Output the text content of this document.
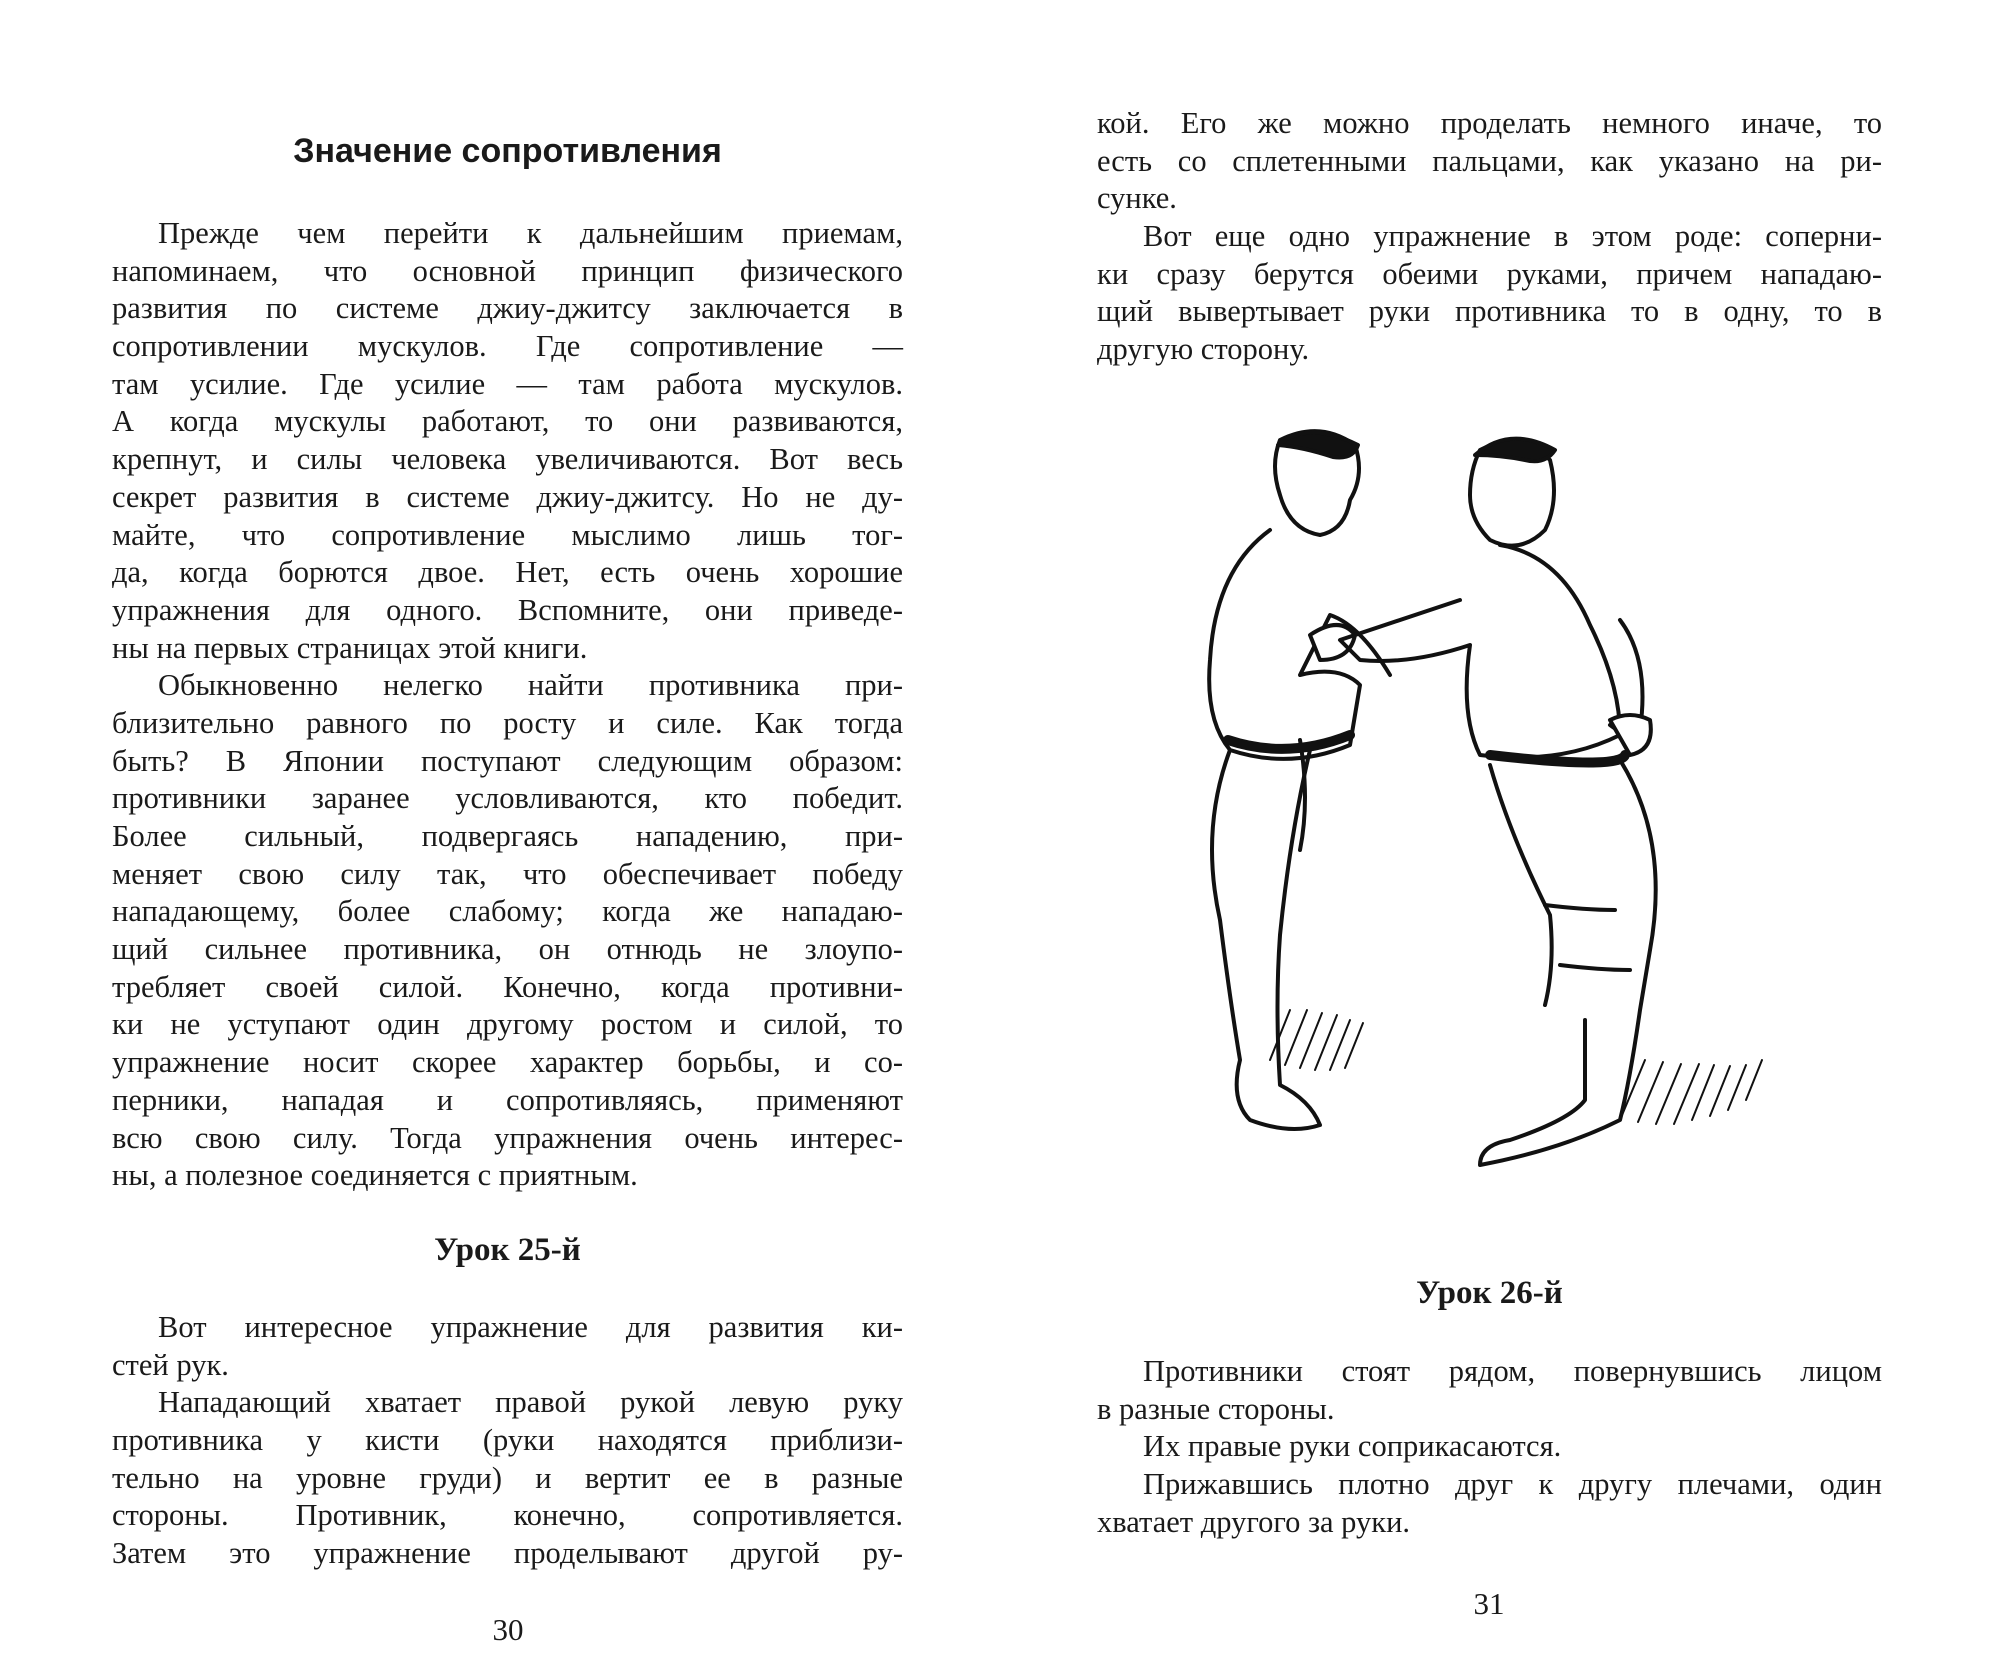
Значение сопротивления
Прежде чем перейти к дальнейшим приемам,
напоминаем, что основной принцип физического
развития по системе джиу-джитсу заключается в
сопротивлении мускулов. Где сопротивление —
там усилие. Где усилие — там работа мускулов.
А когда мускулы работают, то они развиваются,
крепнут, и силы человека увеличиваются. Вот весь
секрет развития в системе джиу-джитсу. Но не ду-
майте, что сопротивление мыслимо лишь тог-
да, когда борются двое. Нет, есть очень хорошие
упражнения для одного. Вспомните, они приведе-
ны на первых страницах этой книги.
Обыкновенно нелегко найти противника при-
близительно равного по росту и силе. Как тогда
быть? В Японии поступают следующим образом:
противники заранее условливаются, кто победит.
Более сильный, подвергаясь нападению, при-
меняет свою силу так, что обеспечивает победу
нападающему, более слабому; когда же нападаю-
щий сильнее противника, он отнюдь не злоупо-
требляет своей силой. Конечно, когда противни-
ки не уступают один другому ростом и силой, то
упражнение носит скорее характер борьбы, и со-
перники, нападая и сопротивляясь, применяют
всю свою силу. Тогда упражнения очень интерес-
ны, а полезное соединяется с приятным.
Урок 25-й
Вот интересное упражнение для развития ки-
стей рук.
Нападающий хватает правой рукой левую руку
противника у кисти (руки находятся приблизи-
тельно на уровне груди) и вертит ее в разные
стороны. Противник, конечно, сопротивляется.
Затем это упражнение проделывают другой ру-
30
кой. Его же можно проделать немного иначе, то
есть со сплетенными пальцами, как указано на ри-
сунке.
Вот еще одно упражнение в этом роде: соперни-
ки сразу берутся обеими руками, причем нападаю-
щий вывертывает руки противника то в одну, то в
другую сторону.
Урок 26-й
Противники стоят рядом, повернувшись лицом
в разные стороны.
Их правые руки соприкасаются.
Прижавшись плотно друг к другу плечами, один
хватает другого за руки.
31
